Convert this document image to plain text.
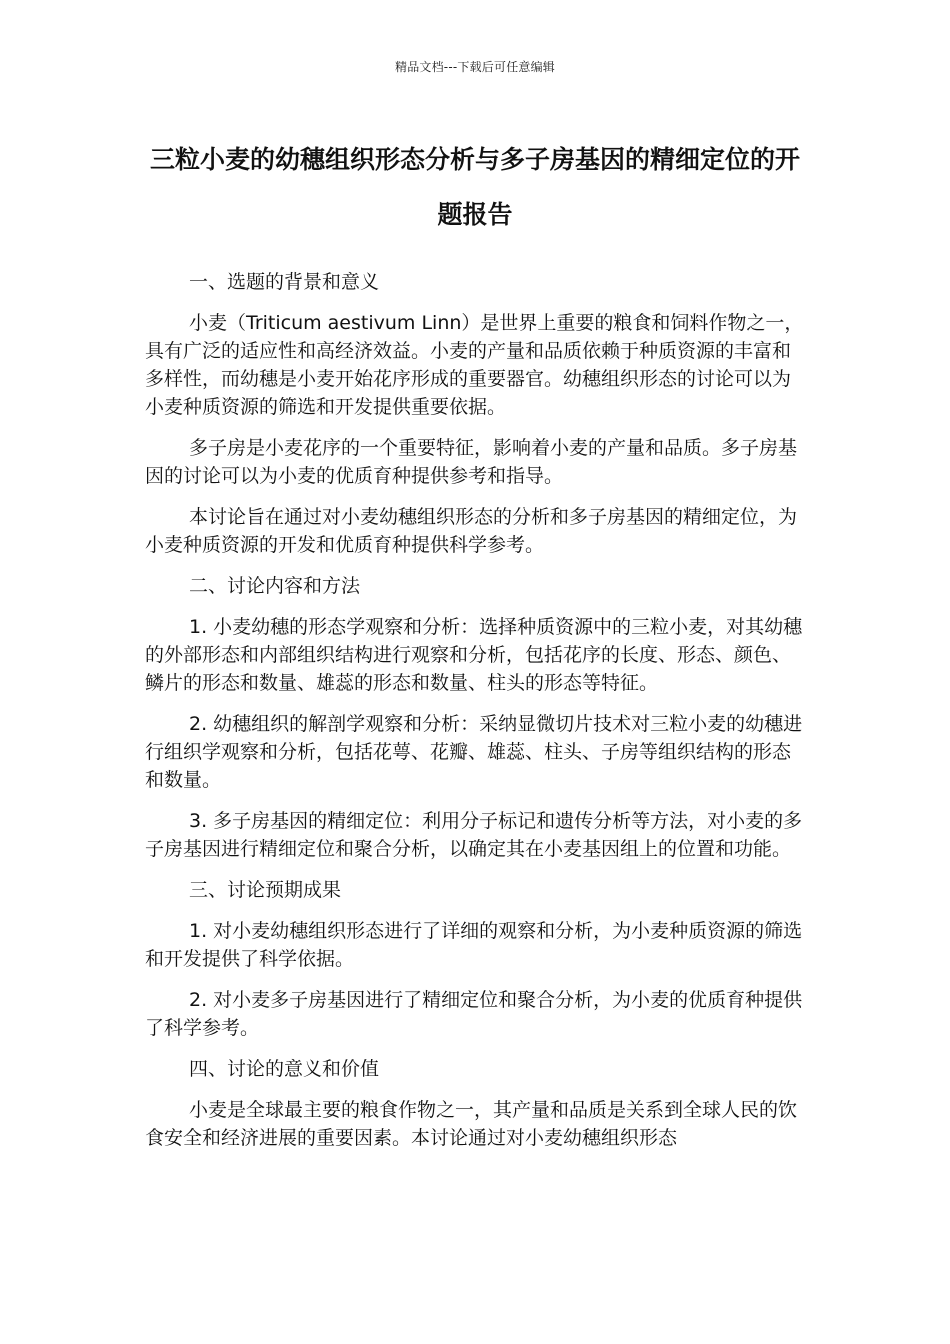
精品文档---下载后可任意编辑
三粒小麦的幼穗组织形态分析与多子房基因的精细定位的开题报告

一、选题的背景和意义

小麦（Triticum aestivum Linn）是世界上重要的粮食和饲料作物之一，具有广泛的适应性和高经济效益。小麦的产量和品质依赖于种质资源的丰富和多样性，而幼穗是小麦开始花序形成的重要器官。幼穗组织形态的讨论可以为小麦种质资源的筛选和开发提供重要依据。

多子房是小麦花序的一个重要特征，影响着小麦的产量和品质。多子房基因的讨论可以为小麦的优质育种提供参考和指导。

本讨论旨在通过对小麦幼穗组织形态的分析和多子房基因的精细定位，为小麦种质资源的开发和优质育种提供科学参考。

二、讨论内容和方法

1. 小麦幼穗的形态学观察和分析：选择种质资源中的三粒小麦，对其幼穗的外部形态和内部组织结构进行观察和分析，包括花序的长度、形态、颜色、鳞片的形态和数量、雄蕊的形态和数量、柱头的形态等特征。

2. 幼穗组织的解剖学观察和分析：采纳显微切片技术对三粒小麦的幼穗进行组织学观察和分析，包括花萼、花瓣、雄蕊、柱头、子房等组织结构的形态和数量。

3. 多子房基因的精细定位：利用分子标记和遗传分析等方法，对小麦的多子房基因进行精细定位和聚合分析，以确定其在小麦基因组上的位置和功能。

三、讨论预期成果

1. 对小麦幼穗组织形态进行了详细的观察和分析，为小麦种质资源的筛选和开发提供了科学依据。

2. 对小麦多子房基因进行了精细定位和聚合分析，为小麦的优质育种提供了科学参考。

四、讨论的意义和价值

小麦是全球最主要的粮食作物之一，其产量和品质是关系到全球人民的饮食安全和经济进展的重要因素。本讨论通过对小麦幼穗组织形态
